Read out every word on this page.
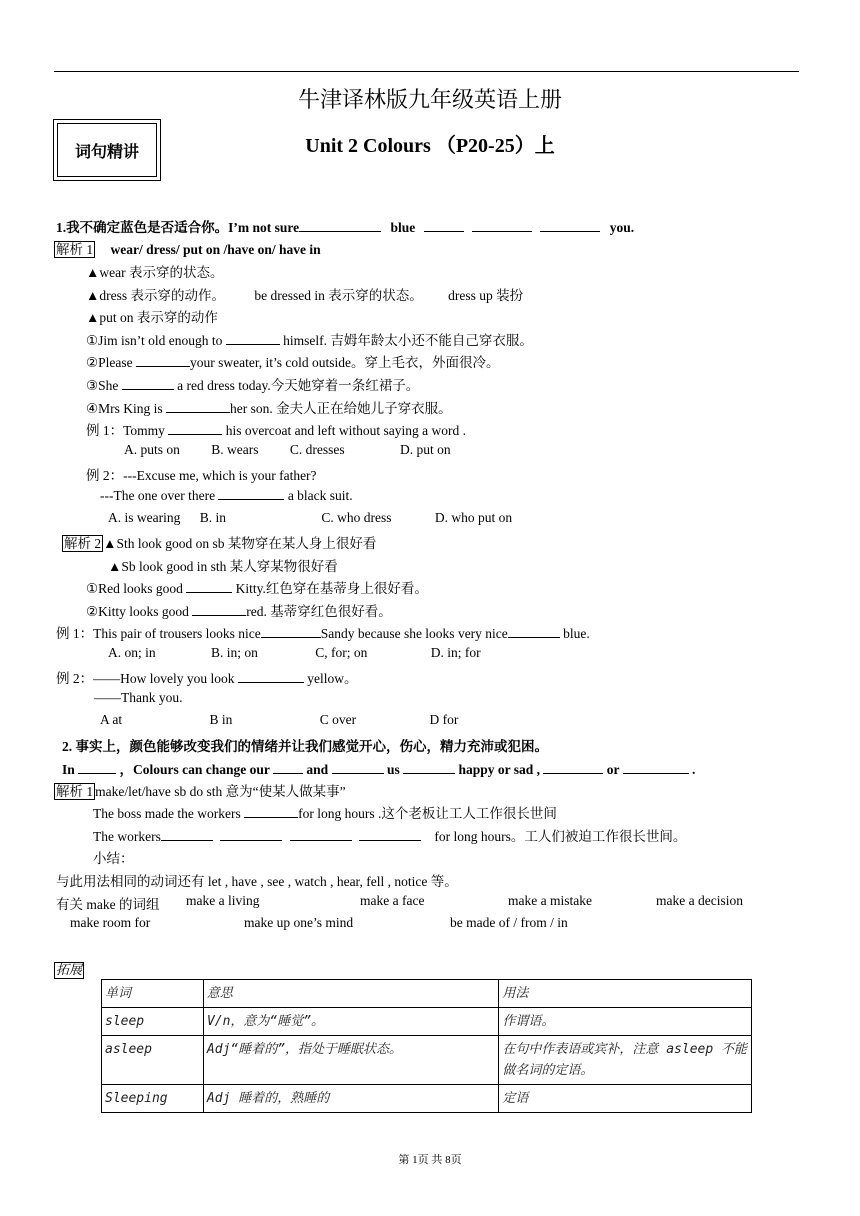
牛津译林版九年级英语上册
词句精讲	Unit 2 Colours （P20-25）上
1.我不确定蓝色是否适合你。I’m not sure	blue	you.
解析 1 wear/ dress/ put on /have on/ have in
▲wear 表示穿的状态。
▲dress 表示穿的动作。 be dressed in 表示穿的状态。 dress up 装扮
▲put on 表示穿的动作
①Jim isn’t old enough to	himself. 吉姆年龄太小还不能自己穿衣服。
②Please	your sweater, it’s cold outside。穿上毛衣，外面很冷。
③She	a red dress today.今天她穿着一条红裙子。
④Mrs King is	her son. 金夫人正在给她儿子穿衣服。
例 1：Tommy	his overcoat and left without saying a word .
A. puts on B. wears C. dresses	D. put on
例 2：---Excuse me, which is your father?
---The one over there	a black suit.
A. is wearing B. in	C. who dress	D. who put on
解析 2 ▲Sth look good on sb 某物穿在某人身上很好看
▲Sb look good in sth 某人穿某物很好看
①Red looks good	Kitty.红色穿在基蒂身上很好看。
②Kitty looks good	red. 基蒂穿红色很好看。
例 1：This pair of trousers looks nice	Sandy because she looks very nice	blue.
A. on; in	B. in; on	C, for; on	D. in; for
例 2：——How lovely you look	yellow。
——Thank you.
A at	B in	C over	D for
2. 事实上，颜色能够改变我们的情绪并让我们感觉开心，伤心，精力充沛或犯困。
In	，Colours can change our	and	us	happy or sad ,	or	.
解析 1 make/let/have sb do sth 意为“使某人做某事”
The boss made the workers	for long hours .这个老板让工人工作很长世间
The workers	for long hours。工人们被迫工作很长世间。
小结：
与此用法相同的动词还有 let , have , see , watch , hear, fell , notice 等。
有关 make 的词组 make a living	make a face	make a mistake	make a decision
make room for	make up one’s mind	be made of / from / in
拓展
单词	意思	用法
sleep	V/n，意为“睡觉”。	作谓语。
asleep	Adj“睡着的”，指处于睡眠状态。	在句中作表语或宾补，注意 asleep 不能做名词的定语。
Sleeping	Adj 睡着的，熟睡的	定语
第 1页 共 8页
